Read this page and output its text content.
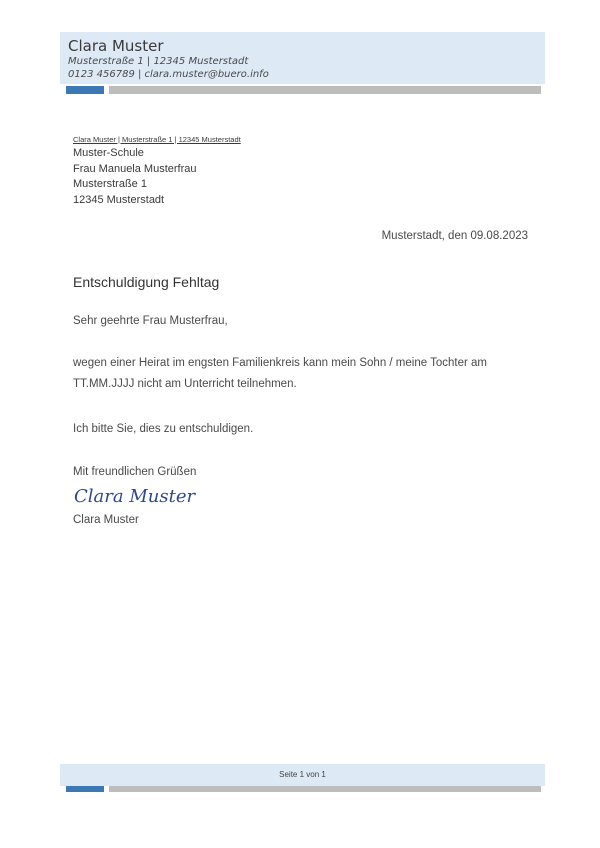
Clara Muster
Musterstraße 1 | 12345 Musterstadt
0123 456789 | clara.muster@buero.info
Clara Muster | Musterstraße 1 | 12345 Musterstadt
Muster-Schule
Frau Manuela Musterfrau
Musterstraße 1
12345 Musterstadt
Musterstadt, den 09.08.2023
Entschuldigung Fehltag
Sehr geehrte Frau Musterfrau,
wegen einer Heirat im engsten Familienkreis kann mein Sohn / meine Tochter am
TT.MM.JJJJ nicht am Unterricht teilnehmen.
Ich bitte Sie, dies zu entschuldigen.
Mit freundlichen Grüßen
Clara Muster
Clara Muster
Seite 1 von 1
